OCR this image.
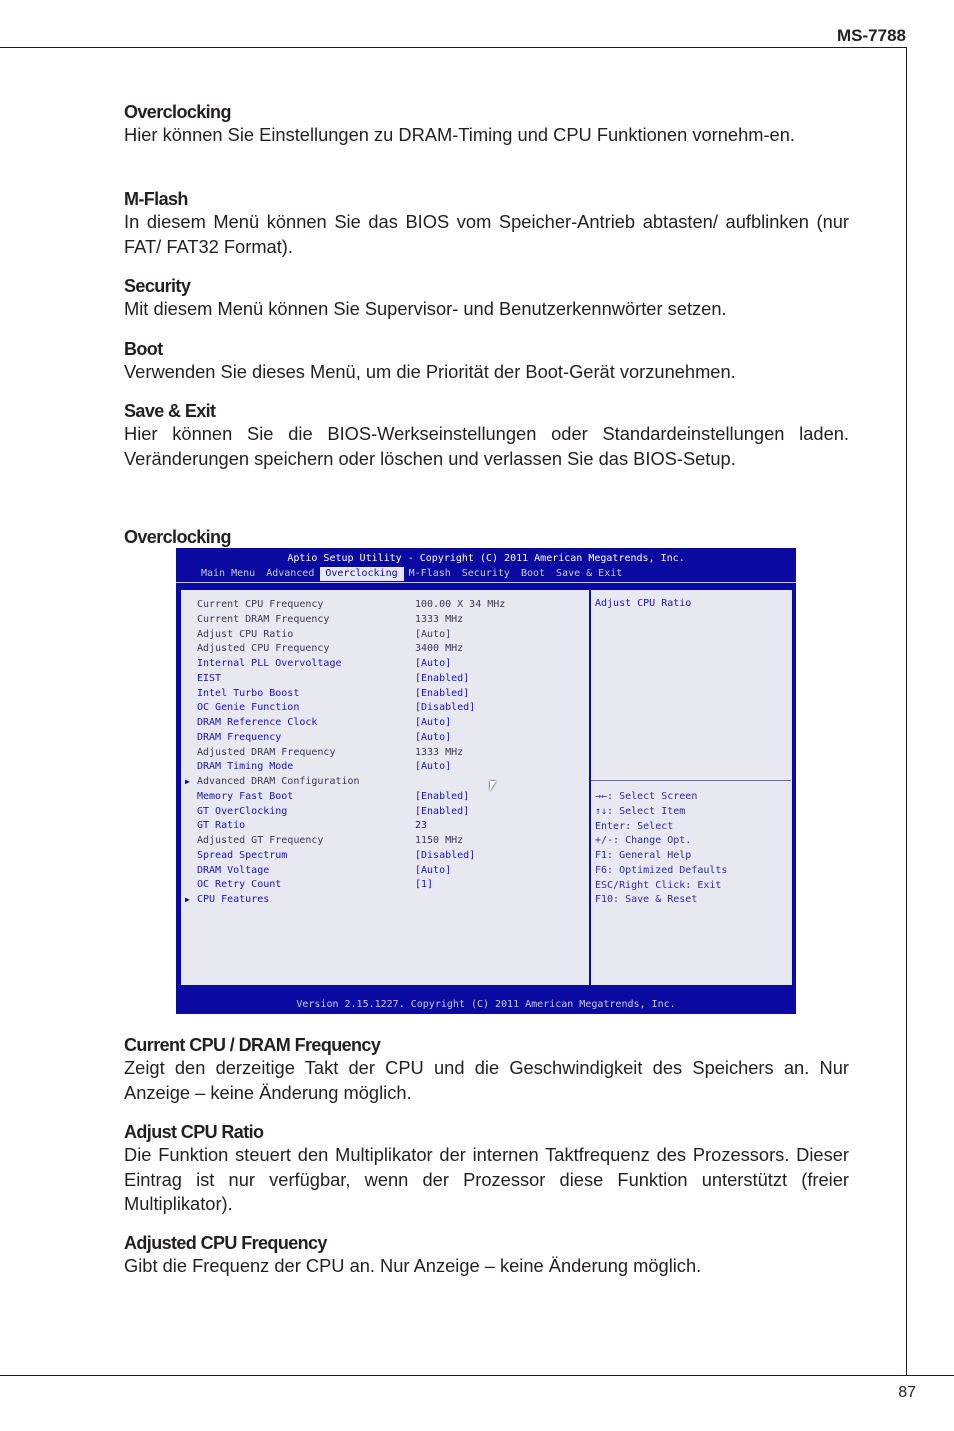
MS-7788
Overclocking

Hier können Sie Einstellungen zu DRAM-Timing und CPU Funktionen vornehm-en.

M-Flash

In diesem Menü können Sie das BIOS vom Speicher-Antrieb abtasten/ aufblinken (nur FAT/ FAT32 Format).

Security

Mit diesem Menü können Sie Supervisor- und Benutzerkennwörter setzen.

Boot

Verwenden Sie dieses Menü, um die Priorität der Boot-Gerät vorzunehmen.

Save & Exit

Hier können Sie die BIOS-Werkseinstellungen oder Standardeinstellungen laden. Veränderungen speichern oder löschen und verlassen Sie das BIOS-Setup.

Overclocking
Aptio Setup Utility - Copyright (C) 2011 American Megatrends, Inc.
Main Menu	Advanced	Overclocking	M-Flash	Security	Boot	Save & Exit
Current CPU Frequency	100.00 X 34 MHz
Current DRAM Frequency	1333 MHz
Adjust CPU Ratio	[Auto]
Adjusted CPU Frequency	3400 MHz
Internal PLL Overvoltage	[Auto]
EIST	[Enabled]
Intel Turbo Boost	[Enabled]
OC Genie Function	[Disabled]
DRAM Reference Clock	[Auto]
DRAM Frequency	[Auto]
Adjusted DRAM Frequency	1333 MHz
DRAM Timing Mode	[Auto]
▶ Advanced DRAM Configuration
Memory Fast Boot	[Enabled]
GT OverClocking	[Enabled]
GT Ratio	23
Adjusted GT Frequency	1150 MHz
Spread Spectrum	[Disabled]
DRAM Voltage	[Auto]
OC Retry Count	[1]
▶ CPU Features
Adjust CPU Ratio
→←: Select Screen
↑↓: Select Item
Enter: Select
+/-: Change Opt.
F1: General Help
F6: Optimized Defaults
ESC/Right Click: Exit
F10: Save & Reset
Version 2.15.1227. Copyright (C) 2011 American Megatrends, Inc.
Current CPU / DRAM Frequency

Zeigt den derzeitige Takt der CPU und die Geschwindigkeit des Speichers an. Nur Anzeige – keine Änderung möglich.

Adjust CPU Ratio

Die Funktion steuert den Multiplikator der internen Taktfrequenz des Prozessors. Dieser Eintrag ist nur verfügbar, wenn der Prozessor diese Funktion unterstützt (freier Multiplikator).

Adjusted CPU Frequency

Gibt die Frequenz der CPU an. Nur Anzeige – keine Änderung möglich.

87
